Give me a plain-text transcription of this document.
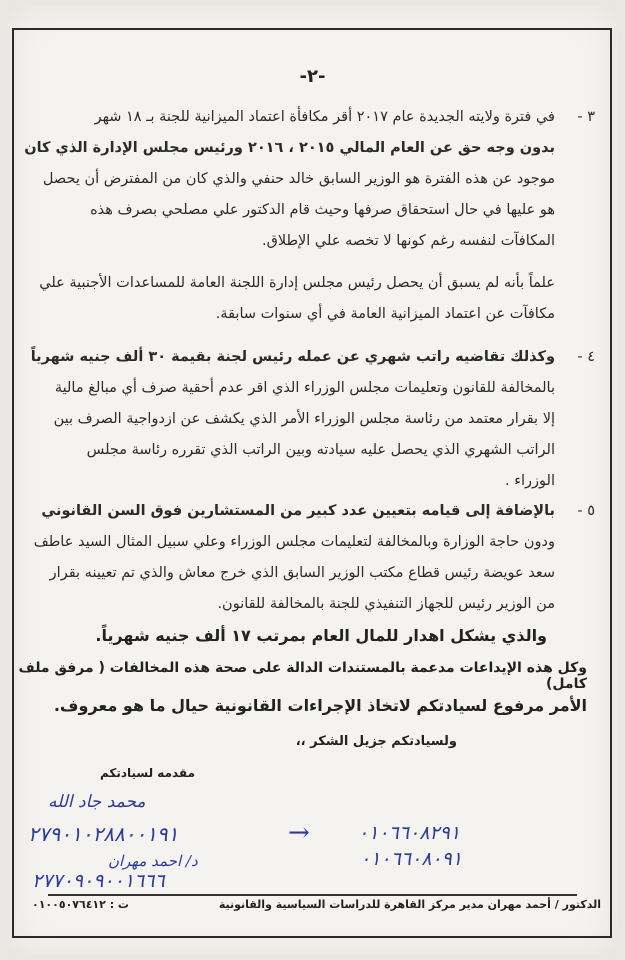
-٢-
٣ -
في فترة ولايته الجديدة عام ٢٠١٧ أقر مكافأة اعتماد الميزانية للجنة بـ ١٨ شهر
بدون وجه حق عن العام المالي ٢٠١٥ ، ٢٠١٦ ورئيس مجلس الإدارة الذي كان
موجود عن هذه الفترة هو الوزير السابق خالد حنفي والذي كان من المفترض أن يحصل
هو عليها في حال استحقاق صرفها وحيث قام الدكتور علي مصلحي بصرف هذه
المكافآت لنفسه رغم كونها لا تخصه علي الإطلاق.
علماً بأنه لم يسبق أن يحصل رئيس مجلس إدارة اللجنة العامة للمساعدات الأجنبية علي
مكافآت عن اعتماد الميزانية العامة في أي سنوات سابقة.
٤ -
وكذلك تقاضيه راتب شهري عن عمله رئيس لجنة بقيمة ٣٠ ألف جنيه شهرياً
بالمخالفة للقانون وتعليمات مجلس الوزراء الذي اقر عدم أحقية صرف أي مبالغ مالية
إلا بقرار معتمد من رئاسة مجلس الوزراء الأمر الذي يكشف عن ازدواجية الصرف بين
الراتب الشهري الذي يحصل عليه سيادته وبين الراتب الذي تقرره رئاسة مجلس
الوزراء .
٥ -
بالإضافة إلى قيامه بتعيين عدد كبير من المستشارين فوق السن القانوني
ودون حاجة الوزارة وبالمخالفة لتعليمات مجلس الوزراء وعلي سبيل المثال السيد عاطف
سعد عويضة رئيس قطاع مكتب الوزير السابق الذي خرج معاش والذي تم تعيينه بقرار
من الوزير رئيس للجهاز التنفيذي للجنة بالمخالفة للقانون.
والذي يشكل اهدار للمال العام بمرتب ١٧ ألف جنيه شهرياً.
وكل هذه الإيداعات مدعمة بالمستندات الدالة على صحة هذه المخالفات ( مرفق ملف كامل)
الأمر مرفوع لسيادتكم لاتخاذ الإجراءات القانونية حيال ما هو معروف.
ولسيادتكم جزيل الشكر ،،
مقدمه لسيادتكم
محمد جاد الله
٢٧٩٠١٠٢٨٨٠٠١٩١	→ ٠١٠٦٦٠٨٢٩١
٠١٠٦٦٠٨٠٩١
د/ احمد مهران
٢٧٧٠٩٠٩٠٠١٦٦٦
الدكتور / أحمد مهران مدير مركز القاهرة للدراسات السياسية والقانونية
ت : ٠١٠٠٥٠٧٦٤١٢
